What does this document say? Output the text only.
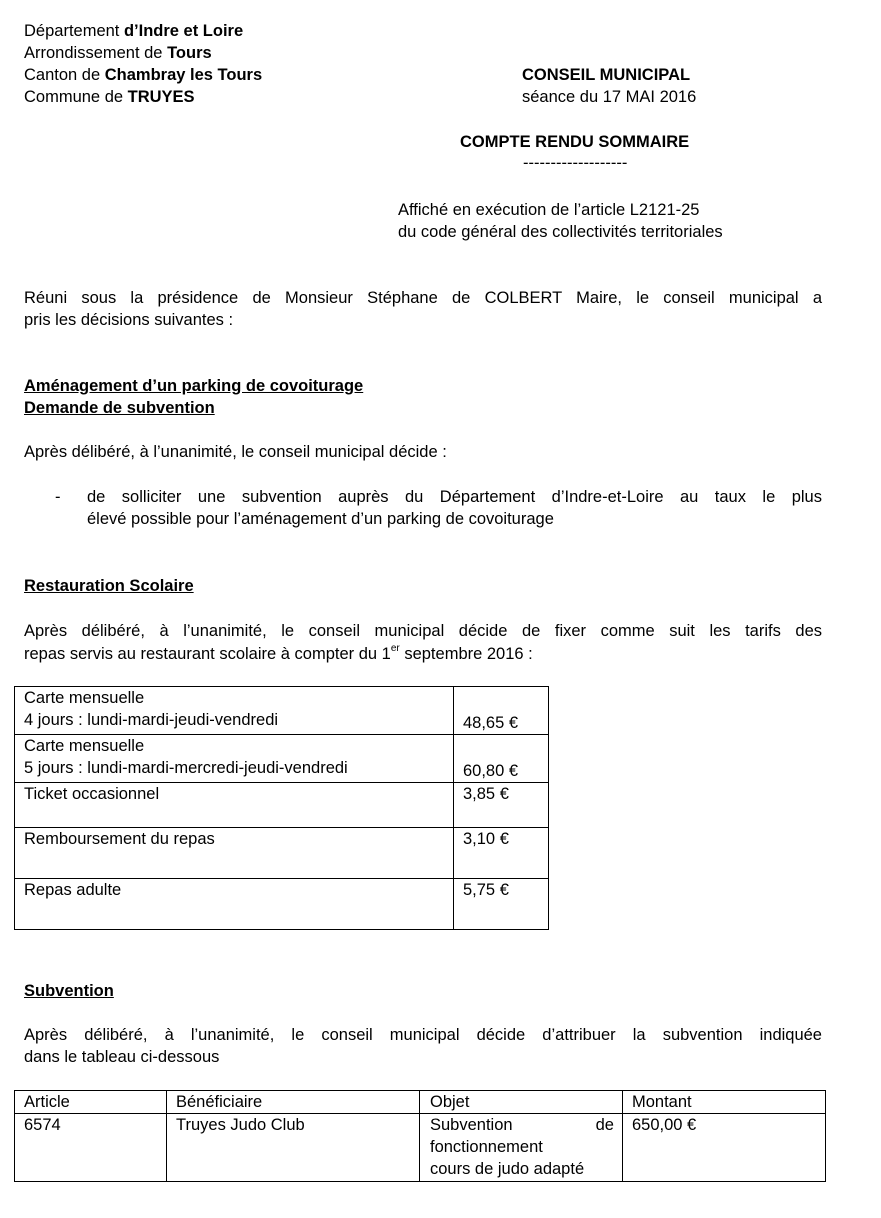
Département d’Indre et Loire
Arrondissement de Tours
Canton de Chambray les Tours
Commune de TRUYES
CONSEIL MUNICIPAL
séance du 17 MAI 2016
COMPTE RENDU SOMMAIRE
-------------------
Affiché en exécution de l’article L2121-25
du code général des collectivités territoriales
Réuni sous la présidence de Monsieur Stéphane de COLBERT Maire, le conseil municipal a
pris les décisions suivantes :
Aménagement d’un parking de covoiturage
Demande de subvention
Après délibéré, à l’unanimité, le conseil municipal décide :
- de solliciter une subvention auprès du Département d’Indre-et-Loire au taux le plus
élevé possible pour l’aménagement d’un parking de covoiturage
Restauration Scolaire
Après délibéré, à l’unanimité, le conseil municipal décide de fixer comme suit les tarifs des
repas servis au restaurant scolaire à compter du 1er septembre 2016 :
Carte mensuelle
4 jours : lundi-mardi-jeudi-vendredi	48,65 €

Carte mensuelle
5 jours : lundi-mardi-mercredi-jeudi-vendredi	60,80 €

Ticket occasionnel	3,85 €

Remboursement du repas	3,10 €

Repas adulte	5,75 €
Subvention
Après délibéré, à l’unanimité, le conseil municipal décide d’attribuer la subvention indiquée
dans le tableau ci-dessous
Article	Bénéficiaire	Objet	Montant
6574	Truyes Judo Club	Subvention de
fonctionnement
cours de judo adapté	650,00 €
